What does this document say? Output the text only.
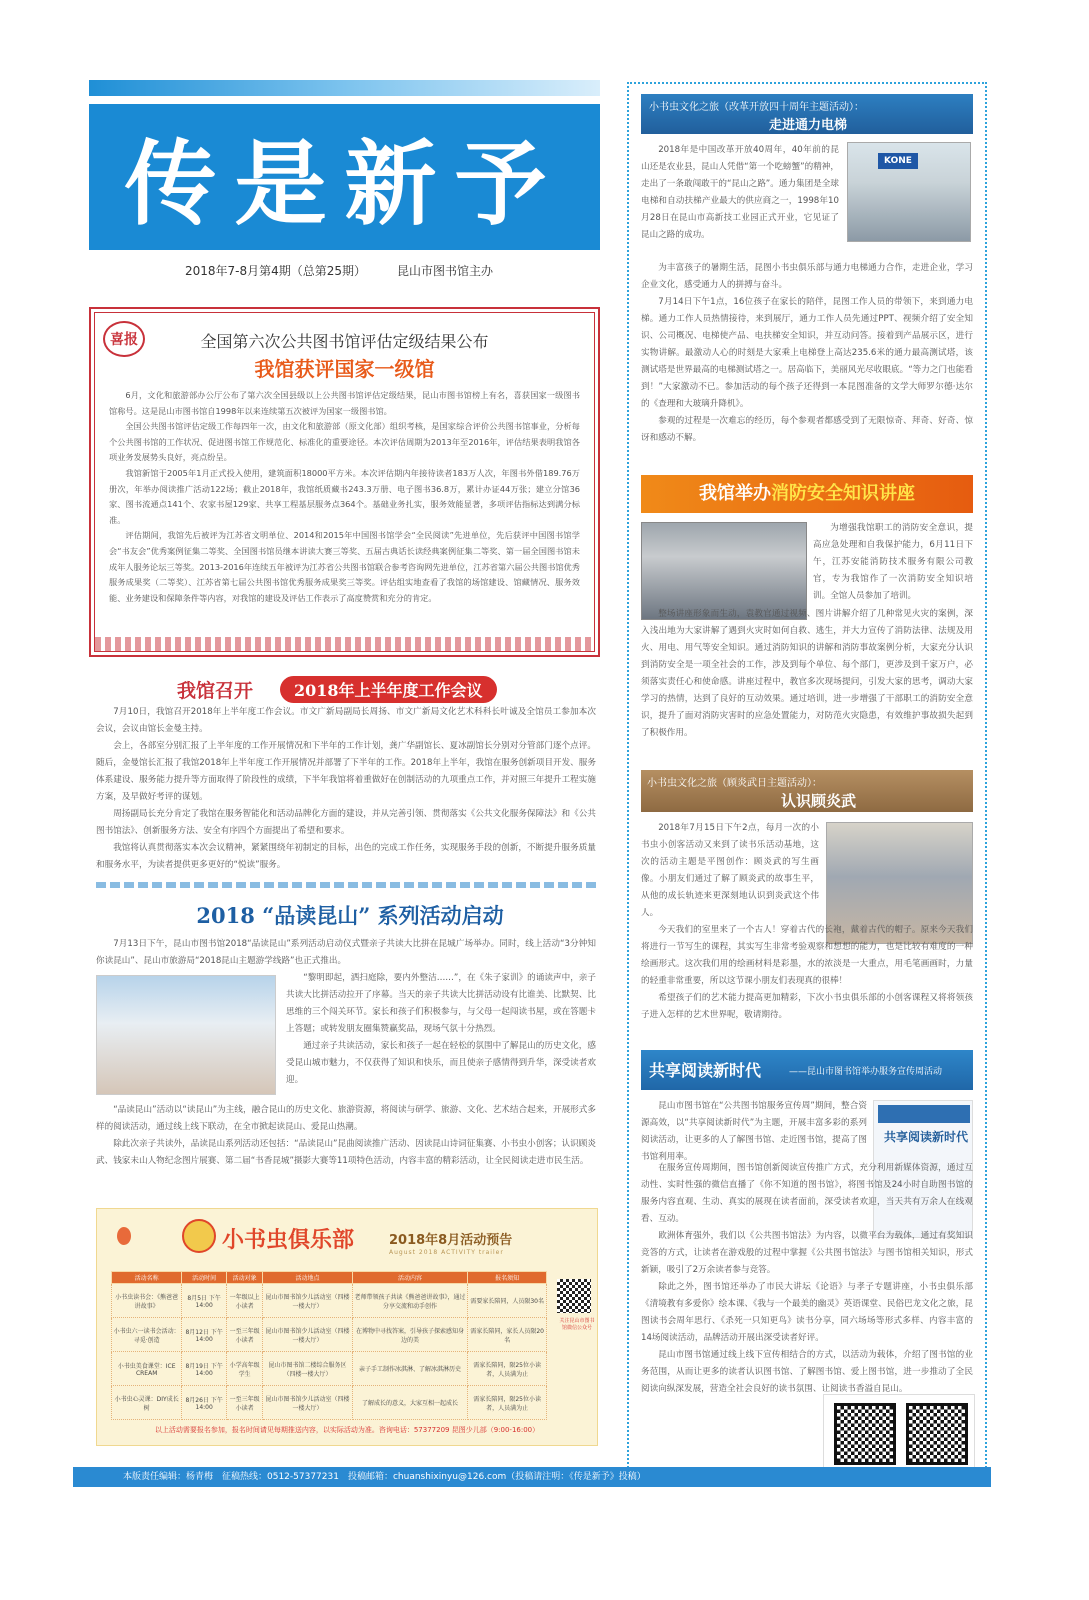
传是新予
2018年7-8月第4期（总第25期）	昆山市图书馆主办
喜报	全国第六次公共图书馆评估定级结果公布
我馆获评国家一级馆

6月，文化和旅游部办公厅公布了第六次全国县级以上公共图书馆评估定级结果，昆山市图书馆榜上有名，喜获国家一级图书馆称号。这是昆山市图书馆自1998年以来连续第五次被评为国家一级图书馆。

全国公共图书馆评估定级工作每四年一次，由文化和旅游部（原文化部）组织考核，是国家综合评价公共图书馆事业，分析每个公共图书馆的工作状况、促进图书馆工作规范化、标准化的重要途径。本次评估周期为2013年至2016年，评估结果表明我馆各项业务发展势头良好，亮点纷呈。

我馆新馆于2005年1月正式投入使用，建筑面积18000平方米。本次评估期内年接待读者183万人次，年图书外借189.76万册次，年举办阅读推广活动122场；截止2018年，我馆纸质藏书243.3万册、电子图书36.8万，累计办证44万张；建立分馆36家、图书流通点141个、农家书屋129家、共享工程基层服务点364个。基础业务扎实，服务效能显著，多项评估指标达到满分标准。

评估期间，我馆先后被评为江苏省文明单位、2014和2015年中国图书馆学会“全民阅读”先进单位，先后获评中国图书馆学会“书友会”优秀案例征集二等奖、全国图书馆员继本讲读大赛三等奖、五届古典话长读经典案例征集二等奖、第一届全国图书馆未成年人服务论坛三等奖。2013-2016年连续五年被评为江苏省公共图书馆联合参考咨询网先进单位，江苏省第六届公共图书馆优秀服务成果奖（二等奖）、江苏省第七届公共图书馆优秀服务成果奖三等奖。评估组实地查看了我馆的场馆建设、馆藏情况、服务效能、业务建设和保障条件等内容，对我馆的建设及评估工作表示了高度赞赏和充分的肯定。

我馆召开	2018年上半年度工作会议

7月10日，我馆召开2018年上半年度工作会议。市文广新局副局长周扬、市文广新局文化艺术科科长叶诚及全馆员工参加本次会议，会议由馆长金曼主持。

会上，各部室分别汇报了上半年度的工作开展情况和下半年的工作计划，龚广华副馆长、夏冰副馆长分别对分管部门逐个点评。随后，金曼馆长汇报了我馆2018年上半年度工作开展情况并部署了下半年的工作。2018年上半年，我馆在服务创新项目开发、服务体系建设、服务能力提升等方面取得了阶段性的成绩，下半年我馆将着重做好在创制活动的九项重点工作，并对照三年提升工程实施方案，及早做好考评的谋划。

周扬副局长充分肯定了我馆在服务智能化和活动品牌化方面的建设，并从完善引领、贯彻落实《公共文化服务保障法》和《公共图书馆法》、创新服务方法、安全有序四个方面提出了希望和要求。

我馆将认真贯彻落实本次会议精神，紧紧围绕年初制定的目标，出色的完成工作任务，实现服务手段的创新，不断提升服务质量和服务水平，为读者提供更多更好的“悦读”服务。

2018 “品读昆山” 系列活动启动

7月13日下午，昆山市图书馆2018“品读昆山”系列活动启动仪式暨亲子共读大比拼在昆城广场举办。同时，线上活动“3分钟知你读昆山”、昆山市旅游局“2018昆山主题游学线路”也正式推出。

“黎明即起，洒扫庭除，要内外整洁……”，在《朱子家训》的诵读声中，亲子共读大比拼活动拉开了序幕。当天的亲子共读大比拼活动设有比谁美、比默契、比思维的三个闯关环节。家长和孩子们积极参与，与父母一起闯读书屋，或在答题卡上答题；或转发朋友圈集赞赢奖品，现场气氛十分热烈。

通过亲子共读活动，家长和孩子一起在轻松的氛围中了解昆山的历史文化，感受昆山城市魅力，不仅获得了知识和快乐，而且使亲子感情得到升华，深受读者欢迎。

“品读昆山”活动以“读昆山”为主线，融合昆山的历史文化、旅游资源，将阅读与研学、旅游、文化、艺术结合起来，开展形式多样的阅读活动，通过线上线下联动，在全市掀起读昆山、爱昆山热潮。

除此次亲子共读外，品读昆山系列活动还包括：“品读昆山”昆曲阅读推广活动、因读昆山诗词征集赛、小书虫小创客；认识顾炎武、钱家未山人物纪念图片展赛、第二届“书香昆城”摄影大赛等11项特色活动，内容丰富的精彩活动，让全民阅读走进市民生活。

小书虫俱乐部	2018年8月活动预告
August 2018 ACTIVITY trailer
活动名称	活动时间	活动对象	活动地点	活动内容	报名须知
小书虫读书会：《熊爸爸讲故事》	8月5日 下午14:00	一年级以上小读者	昆山市图书馆少儿活动室（四楼一楼大厅）	老师带领孩子共读《熊爸爸讲故事》，通过分享交流和动手创作	需要家长陪同，人员限30名
小书虫六一读书会活动：寻觅·创造	8月12日 下午14:00	一至三年级小读者	昆山市图书馆少儿活动室（四楼一楼大厅）	在博物中寻找答案，引导孩子探索感知身边的美	需家长陪同，家长人员限20名
小书虫美食课堂：ICE CREAM	8月19日 下午14:00	小学高年级学生	昆山市图书馆二楼综合服务区（四楼一楼大厅）	亲子手工制作冰淇淋、了解冰淇淋历史	需家长陪同，限25位小读者，人员满为止
小书虫心灵课：DIY成长树	8月26日 下午14:00	一至三年级小读者	昆山市图书馆少儿活动室（四楼一楼大厅）	了解成长的意义，大家互相一起成长	需家长陪同，限25位小读者，人员满为止
关注昆山市图书馆微信公众号
以上活动需要报名参加，报名时间请见每期推送内容，以实际活动为准。咨询电话：57377209 昆图少儿部（9:00-16:00）
小书虫文化之旅（改革开放四十周年主题活动）：
走进通力电梯

2018年是中国改革开放40周年，40年前的昆山还是农业县，昆山人凭借“第一个吃螃蟹”的精神，走出了一条敢闯敢干的“昆山之路”。通力集团是全球电梯和自动扶梯产业最大的供应商之一，1998年10月28日在昆山市高新技工业园正式开业，它见证了昆山之路的成功。

KONE

为丰富孩子的暑期生活，昆图小书虫俱乐部与通力电梯通力合作，走进企业，学习企业文化，感受通力人的拼搏与奋斗。

7月14日下午1点，16位孩子在家长的陪伴，昆图工作人员的带领下，来到通力电梯。通力工作人员热情接待，来到展厅，通力工作人员先通过PPT、视频介绍了安全知识、公司概况、电梯使产品、电扶梯安全知识，并互动问答。接着到产品展示区，进行实物讲解。最激动人心的时刻是大家乘上电梯登上高达235.6米的通力最高测试塔，该测试塔是世界最高的电梯测试塔之一。居高临下，美丽风光尽收眼底。“等力之门也能看到！”大家激动不已。参加活动的每个孩子还得到一本昆图准备的文学大师罗尔德·达尔的《查理和大玻璃升降机》。

参观的过程是一次难忘的经历，每个参观者都感受到了无限惊奇、拜奇、好奇、惊讶和感动不解。

我馆举办消防安全知识讲座

为增强我馆职工的消防安全意识，提高应急处理和自我保护能力，6月11日下午，江苏安能消防技术服务有限公司教官，专为我馆作了一次消防安全知识培训。全馆人员参加了培训。

整场讲座形象而生动，袁教官通过视频、图片讲解介绍了几种常见火灾的案例，深入浅出地为大家讲解了遇到火灾时如何自救、逃生，并大力宣传了消防法律、法规及用火、用电、用气等安全知识。通过消防知识的讲解和消防事故案例分析，大家充分认识到消防安全是一项全社会的工作，涉及到每个单位、每个部门，更涉及到千家万户，必须落实责任心和使命感。讲座过程中，教官多次现场提问，引发大家的思考，调动大家学习的热情，达到了良好的互动效果。通过培训，进一步增强了干部职工的消防安全意识，提升了面对消防灾害时的应急处置能力，对防范火灾隐患，有效维护事故损失起到了积极作用。

小书虫文化之旅（顾炎武日主题活动）：
认识顾炎武

2018年7月15日下午2点，每月一次的小书虫小创客活动又来到了读书乐活动基地，这次的活动主题是平图创作：顾炎武的写生画像。小朋友们通过了解了顾炎武的故事生平，从他的成长轨迹来更深刻地认识到炎武这个伟人。

今天我们的室里来了一个古人！穿着古代的长袍，戴着古代的帽子。原来今天我们将进行一节写生的课程，其实写生非常考验观察和想想的能力，也是比较有难度的一种绘画形式。这次我们用的绘画材料是彩墨，水的浓淡是一大重点，用毛笔画画时，力量的轻重非常重要，所以这节课小朋友们表现真的很棒！

希望孩子们的艺术能力提高更加精彩，下次小书虫俱乐部的小创客课程又将将领孩子进入怎样的艺术世界呢，敬请期待。

共享阅读新时代	——昆山市图书馆举办服务宣传周活动

昆山市图书馆在“公共图书馆服务宣传周”期间，整合资源高效，以“共享阅读新时代”为主题，开展丰富多彩的系列阅读活动，让更多的人了解图书馆、走近图书馆，提高了图书馆利用率。

共享阅读新时代

在服务宣传周期间，图书馆创新阅读宣传推广方式，充分利用新媒体资源，通过互动性、实时性强的微信直播了《你不知道的图书馆》，将图书馆及24小时自助图书馆的服务内容直观、生动、真实的展现在读者面前，深受读者欢迎，当天共有万余人在线观看、互动。

欧洲体育强外，我们以《公共图书馆法》为内容，以微平台为载体，通过有奖知识竞答的方式，让读者在游戏般的过程中掌握《公共图书馆法》与图书馆相关知识，形式新颖，吸引了2万余读者参与竞答。

除此之外，图书馆还举办了市民大讲坛《论语》与孝子专题讲座，小书虫俱乐部《清境教有多爱你》绘本课、《我与一个最美的幽灵》英语课堂、民俗巴龙文化之旅，昆图读书会周年思行、《杀死一只知更鸟》读书分享，同六场场等形式多样、内容丰富的14场阅读活动，品牌活动开展出深受读者好评。

昆山市图书馆通过线上线下宣传相结合的方式，以活动为载体，介绍了图书馆的业务范围，从而让更多的读者认识图书馆、了解图书馆、爱上图书馆，进一步推动了全民阅读向纵深发展，营造全社会良好的读书氛围、让阅读书香溢自昆山。

本版责任编辑：杨青梅　征稿热线：0512-57377231　投稿邮箱：chuanshixinyu@126.com（投稿请注明：《传是新予》投稿）
